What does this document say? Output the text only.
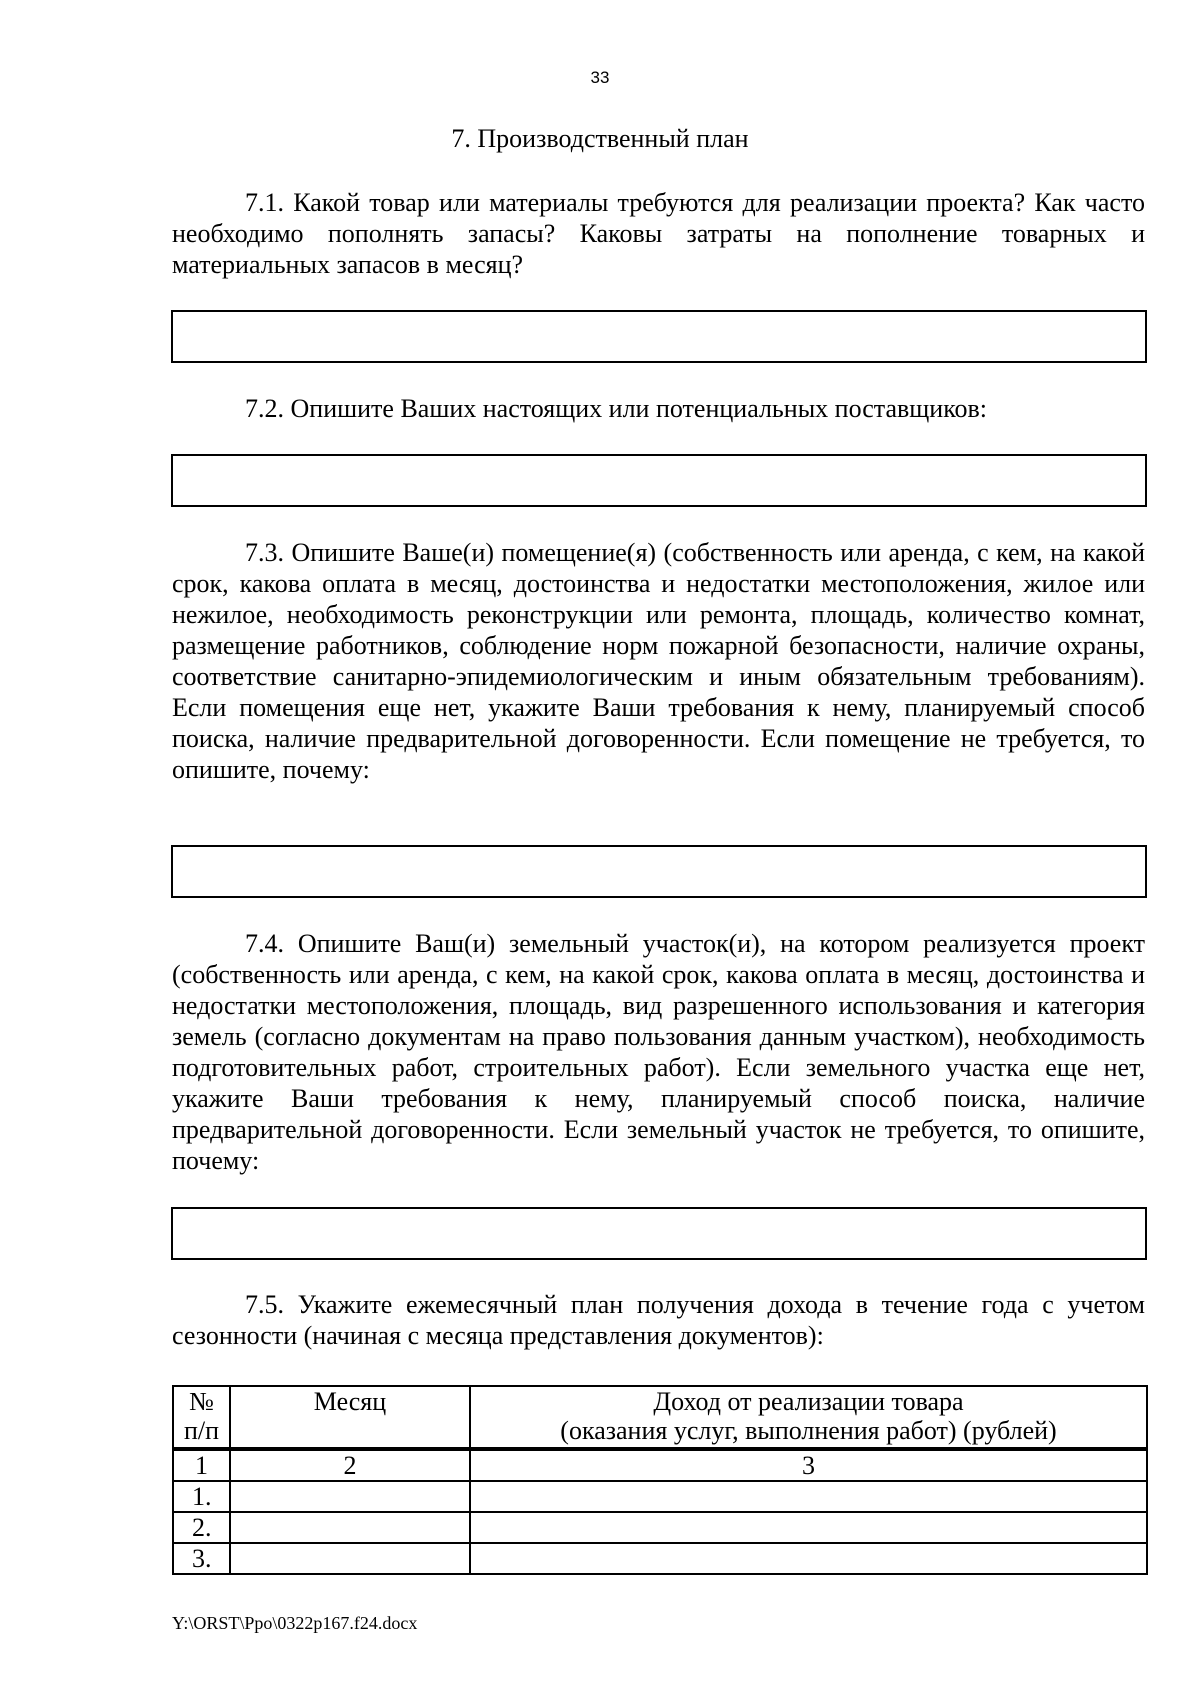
33
7. Производственный план

7.1. Какой товар или материалы требуются для реализации проекта? Как часто необходимо пополнять запасы? Каковы затраты на пополнение товарных и материальных запасов в месяц?

7.2. Опишите Ваших настоящих или потенциальных поставщиков:

7.3. Опишите Ваше(и) помещение(я) (собственность или аренда, с кем, на какой срок, какова оплата в месяц, достоинства и недостатки местоположения, жилое или нежилое, необходимость реконструкции или ремонта, площадь, количество комнат, размещение работников, соблюдение норм пожарной безопасности, наличие охраны, соответствие санитарно-эпидемиологическим и иным обязательным требованиям). Если помещения еще нет, укажите Ваши требования к нему, планируемый способ поиска, наличие предварительной договоренности. Если помещение не требуется, то опишите, почему:

7.4. Опишите Ваш(и) земельный участок(и), на котором реализуется проект (собственность или аренда, с кем, на какой срок, какова оплата в месяц, достоинства и недостатки местоположения, площадь, вид разрешенного использования и категория земель (согласно документам на право пользования данным участком), необходимость подготовительных работ, строительных работ). Если земельного участка еще нет, укажите Ваши требования к нему, планируемый способ поиска, наличие предварительной договоренности. Если земельный участок не требуется, то опишите, почему:

7.5. Укажите ежемесячный план получения дохода в течение года с учетом сезонности (начиная с месяца представления документов):

№
п/п	Месяц	Доход от реализации товара
(оказания услуг, выполнения работ) (рублей)

1	2	3
1.		
2.		
3.		
Y:\ORST\Ppo\0322p167.f24.docx
